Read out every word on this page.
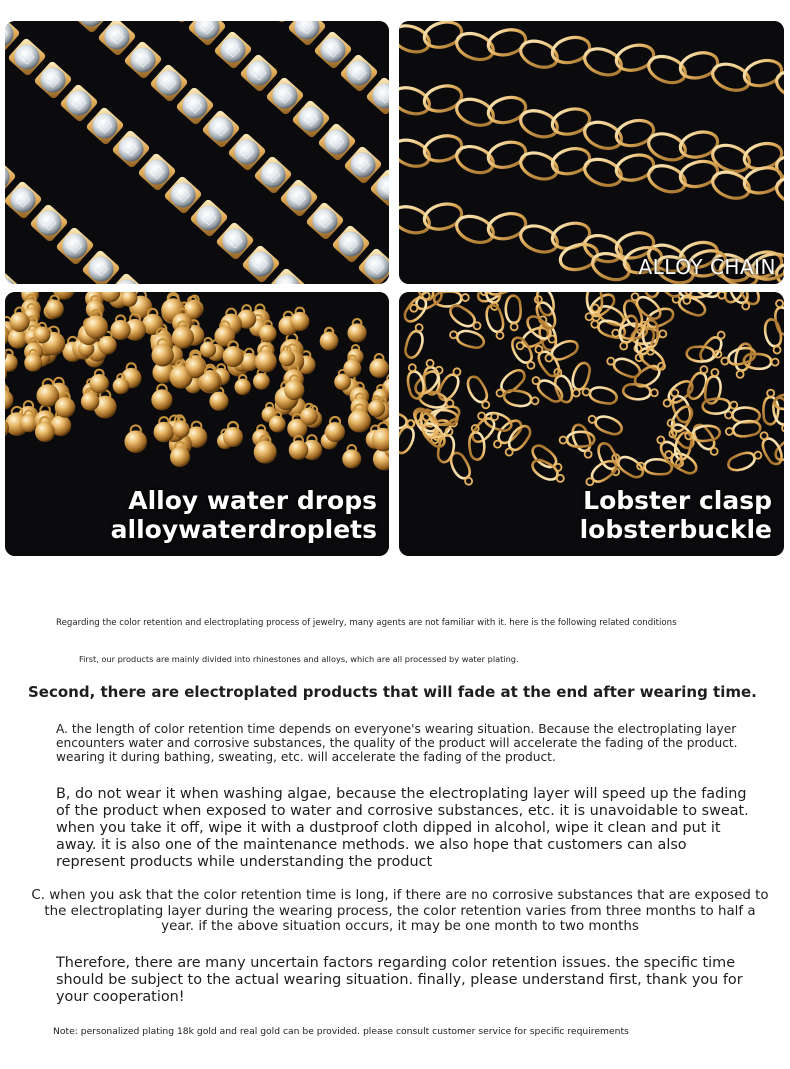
ALLOY CHAIN
Alloy water drops
alloywaterdroplets
Lobster clasp
lobsterbuckle

Regarding the color retention and electroplating process of jewelry, many agents are not familiar with it. here is the following related conditions

First, our products are mainly divided into rhinestones and alloys, which are all processed by water plating.

Second, there are electroplated products that will fade at the end after wearing time.

A. the length of color retention time depends on everyone's wearing situation. Because the electroplating layer encounters water and corrosive substances, the quality of the product will accelerate the fading of the product. wearing it during bathing, sweating, etc. will accelerate the fading of the product.

B, do not wear it when washing algae, because the electroplating layer will speed up the fading of the product when exposed to water and corrosive substances, etc. it is unavoidable to sweat. when you take it off, wipe it with a dustproof cloth dipped in alcohol, wipe it clean and put it away. it is also one of the maintenance methods. we also hope that customers can also represent products while understanding the product

C. when you ask that the color retention time is long, if there are no corrosive substances that are exposed to the electroplating layer during the wearing process, the color retention varies from three months to half a year. if the above situation occurs, it may be one month to two months

Therefore, there are many uncertain factors regarding color retention issues. the specific time should be subject to the actual wearing situation. finally, please understand first, thank you for your cooperation!

Note: personalized plating 18k gold and real gold can be provided. please consult customer service for specific requirements
